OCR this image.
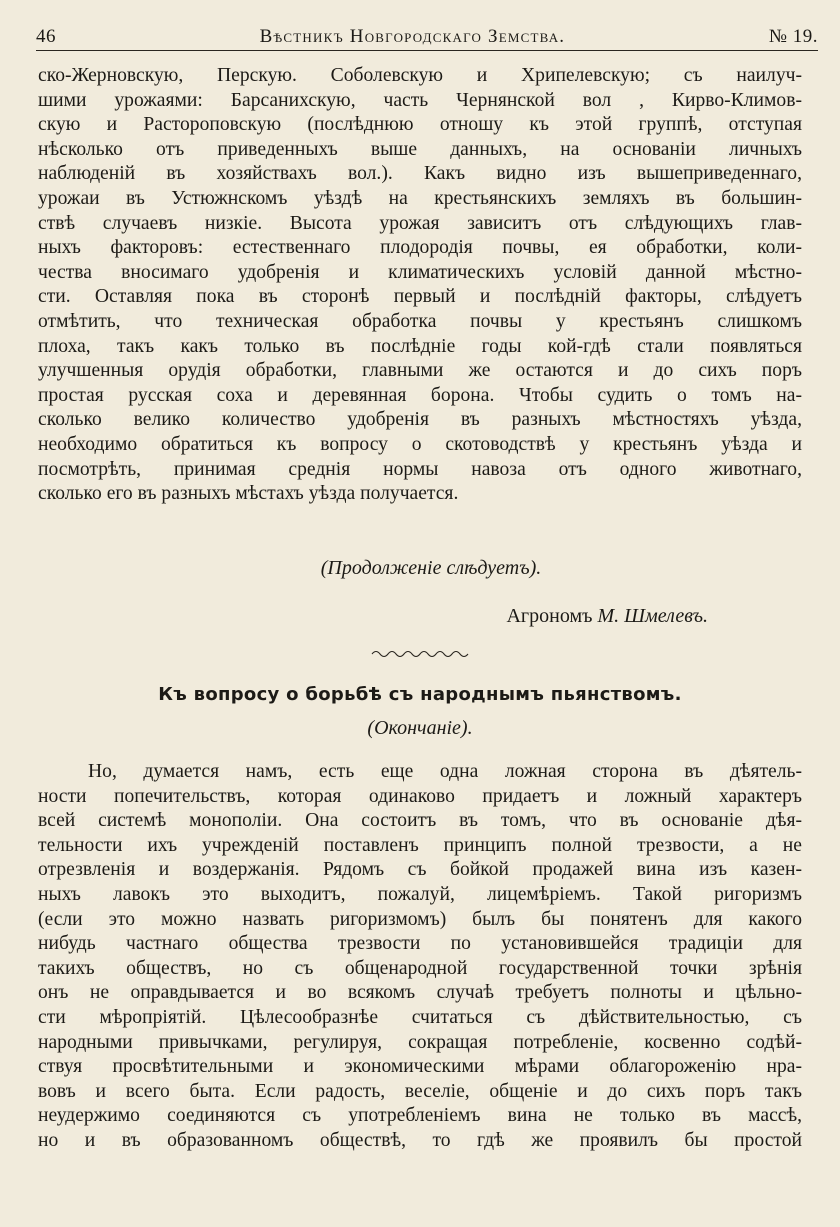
46	Вѣстникъ Новгородскаго Земства.	№ 19.
ско-Жерновскую, Перскую. Соболевскую и Хрипелевскую; съ наилуч-
шими урожаями: Барсанихскую, часть Чернянской вол , Кирво-Климов-
скую и Растороповскую (послѣднюю отношу къ этой группѣ, отступая
нѣсколько отъ приведенныхъ выше данныхъ, на основаніи личныхъ
наблюденій въ хозяйствахъ вол.). Какъ видно изъ вышеприведеннаго,
урожаи въ Устюжнскомъ уѣздѣ на крестьянскихъ земляхъ въ большин-
ствѣ случаевъ низкіе. Высота урожая зависитъ отъ слѣдующихъ глав-
ныхъ факторовъ: естественнаго плодородія почвы, ея обработки, коли-
чества вносимаго удобренія и климатическихъ условій данной мѣстно-
сти. Оставляя пока въ сторонѣ первый и послѣдній факторы, слѣдуетъ
отмѣтить, что техническая обработка почвы у крестьянъ слишкомъ
плоха, такъ какъ только въ послѣдніе годы кой-гдѣ стали появляться
улучшенныя орудія обработки, главными же остаются и до сихъ поръ
простая русская соха и деревянная борона. Чтобы судить о томъ на-
сколько велико количество удобренія въ разныхъ мѣстностяхъ уѣзда,
необходимо обратиться къ вопросу о скотоводствѣ у крестьянъ уѣзда и
посмотрѣть, принимая среднія нормы навоза отъ одного животнаго,
сколько его въ разныхъ мѣстахъ уѣзда получается.
(Продолженіе слѣдуетъ).
Агрономъ М. Шмелевъ.
Къ вопросу о борьбѣ съ народнымъ пьянствомъ.
(Окончаніе).
Но, думается намъ, есть еще одна ложная сторона въ дѣятель-
ности попечительствъ, которая одинаково придаетъ и ложный характеръ
всей системѣ монополіи. Она состоитъ въ томъ, что въ основаніе дѣя-
тельности ихъ учрежденій поставленъ принципъ полной трезвости, а не
отрезвленія и воздержанія. Рядомъ съ бойкой продажей вина изъ казен-
ныхъ лавокъ это выходитъ, пожалуй, лицемѣріемъ. Такой ригоризмъ
(если это можно назвать ригоризмомъ) былъ бы понятенъ для какого
нибудь частнаго общества трезвости по установившейся традиціи для
такихъ обществъ, но съ общенародной государственной точки зрѣнія
онъ не оправдывается и во всякомъ случаѣ требуетъ полноты и цѣльно-
сти мѣропріятій. Цѣлесообразнѣе считаться съ дѣйствительностью, съ
народными привычками, регулируя, сокращая потребленіе, косвенно содѣй-
ствуя просвѣтительными и экономическими мѣрами облагороженію нра-
вовъ и всего быта. Если радость, веселіе, общеніе и до сихъ поръ такъ
неудержимо соединяются съ употребленіемъ вина не только въ массѣ,
но и въ образованномъ обществѣ, то гдѣ же проявилъ бы простой
